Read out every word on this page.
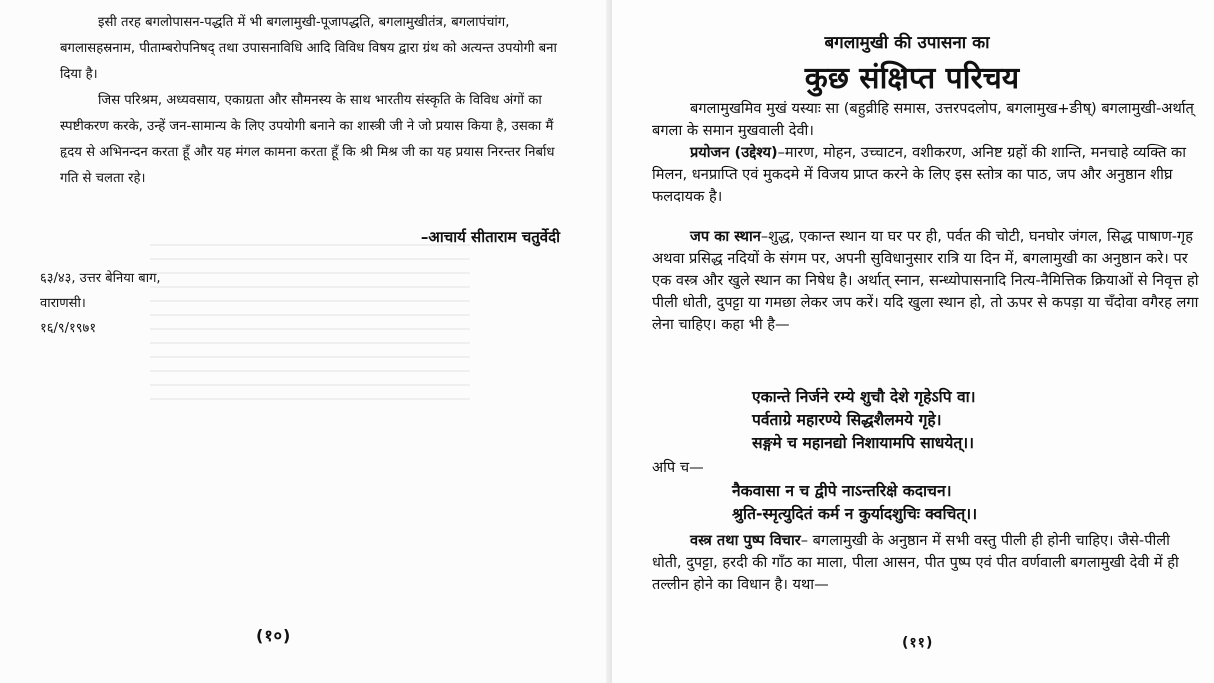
इसी तरह बगलोपासन-पद्धति में भी बगलामुखी-पूजापद्धति, बगलामुखीतंत्र, बगलापंचांग, बगलासहस्रनाम, पीताम्बरोपनिषद् तथा उपासनाविधि आदि विविध विषय द्वारा ग्रंथ को अत्यन्त उपयोगी बना दिया है।
जिस परिश्रम, अध्यवसाय, एकाग्रता और सौमनस्य के साथ भारतीय संस्कृति के विविध अंगों का स्पष्टीकरण करके, उन्हें जन-सामान्य के लिए उपयोगी बनाने का शास्त्री जी ने जो प्रयास किया है, उसका मैं हृदय से अभिनन्दन करता हूँ और यह मंगल कामना करता हूँ कि श्री मिश्र जी का यह प्रयास निरन्तर निर्बाध गति से चलता रहे।
–आचार्य सीताराम चतुर्वेदी
६३/४३, उत्तर बेनिया बाग,
वाराणसी।
१६/९/१९७१
(१०)
बगलामुखी की उपासना का
कुछ संक्षिप्त परिचय
बगलामुखमिव मुखं यस्याः सा (बहुव्रीहि समास, उत्तरपदलोप, बगलामुख+ङीष्) बगलामुखी-अर्थात् बगला के समान मुखवाली देवी।
प्रयोजन (उद्देश्य)–मारण, मोहन, उच्चाटन, वशीकरण, अनिष्ट ग्रहों की शान्ति, मनचाहे व्यक्ति का मिलन, धनप्राप्ति एवं मुकदमे में विजय प्राप्त करने के लिए इस स्तोत्र का पाठ, जप और अनुष्ठान शीघ्र फलदायक है।
जप का स्थान–शुद्ध, एकान्त स्थान या घर पर ही, पर्वत की चोटी, घनघोर जंगल, सिद्ध पाषाण-गृह अथवा प्रसिद्ध नदियों के संगम पर, अपनी सुविधानुसार रात्रि या दिन में, बगलामुखी का अनुष्ठान करे। पर एक वस्त्र और खुले स्थान का निषेध है। अर्थात् स्नान, सन्ध्योपासनादि नित्य-नैमित्तिक क्रियाओं से निवृत्त हो पीली धोती, दुपट्टा या गमछा लेकर जप करें। यदि खुला स्थान हो, तो ऊपर से कपड़ा या चँदोवा वगैरह लगा लेना चाहिए। कहा भी है—
एकान्ते निर्जने रम्ये शुचौ देशे गृहेऽपि वा।
पर्वताग्रे महारण्ये सिद्धशैलमये गृहे।
सङ्गमे च महानद्यो निशायामपि साधयेत्।।
अपि च—
नैकवासा न च द्वीपे नाऽन्तरिक्षे कदाचन।
श्रुति-स्मृत्युदितं कर्म न कुर्यादशुचिः क्वचित्।।
वस्त्र तथा पुष्प विचार– बगलामुखी के अनुष्ठान में सभी वस्तु पीली ही होनी चाहिए। जैसे-पीली धोती, दुपट्टा, हरदी की गाँठ का माला, पीला आसन, पीत पुष्प एवं पीत वर्णवाली बगलामुखी देवी में ही तल्लीन होने का विधान है। यथा—
(११)
